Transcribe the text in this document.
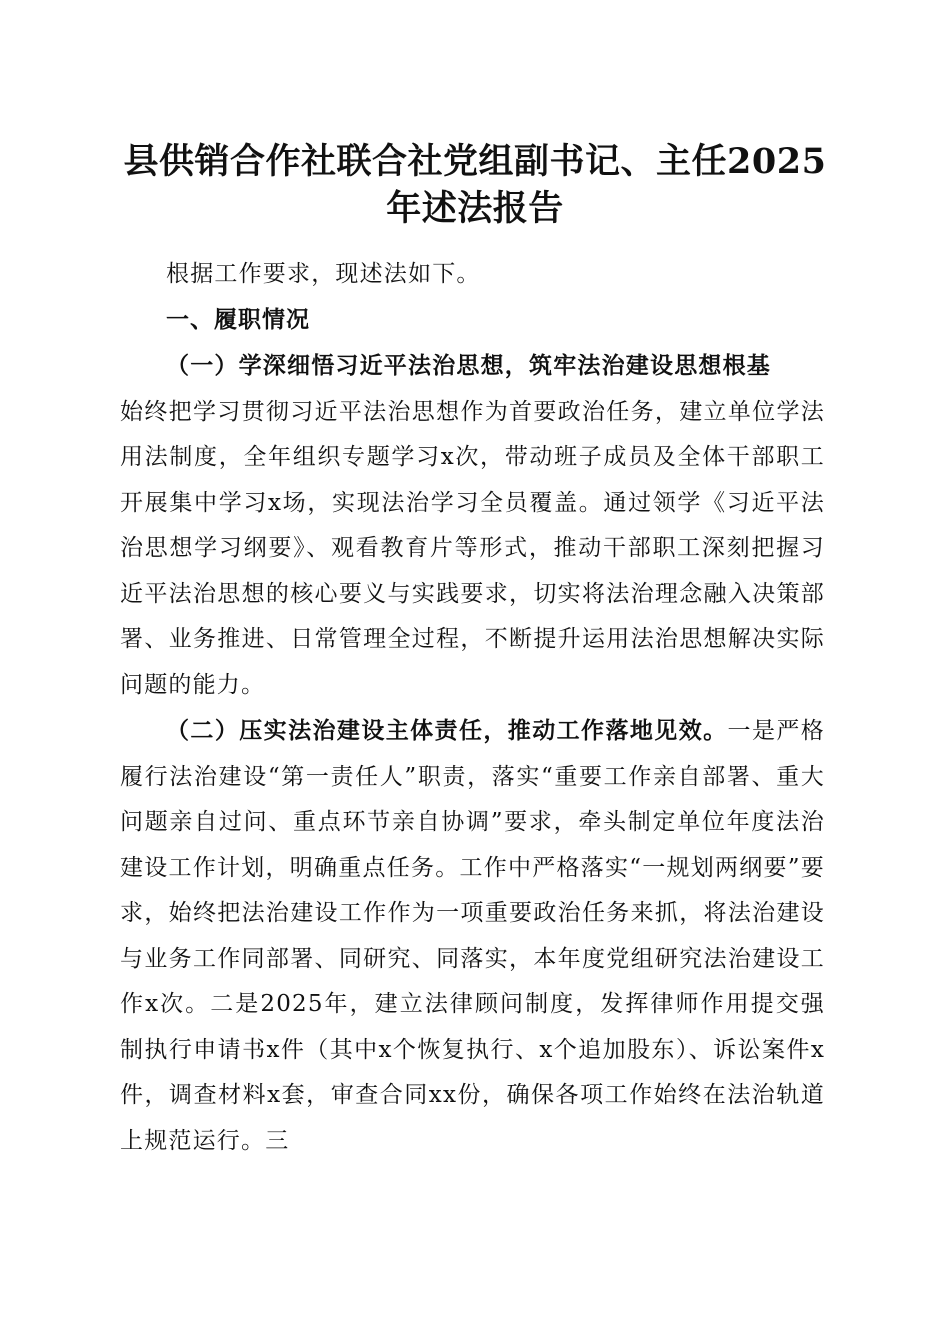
县供销合作社联合社党组副书记、主任2025
年述法报告

根据工作要求，现述法如下。

一、履职情况

（一）学深细悟习近平法治思想，筑牢法治建设思想根基

始终把学习贯彻习近平法治思想作为首要政治任务，建立单位学法用法制度，全年组织专题学习x次，带动班子成员及全体干部职工开展集中学习x场，实现法治学习全员覆盖。通过领学《习近平法治思想学习纲要》、观看教育片等形式，推动干部职工深刻把握习近平法治思想的核心要义与实践要求，切实将法治理念融入决策部署、业务推进、日常管理全过程，不断提升运用法治思想解决实际问题的能力。

（二）压实法治建设主体责任，推动工作落地见效。一是严格履行法治建设“第一责任人”职责，落实“重要工作亲自部署、重大问题亲自过问、重点环节亲自协调”要求，牵头制定单位年度法治建设工作计划，明确重点任务。工作中严格落实“一规划两纲要”要求，始终把法治建设工作作为一项重要政治任务来抓，将法治建设与业务工作同部署、同研究、同落实，本年度党组研究法治建设工作x次。二是2025年，建立法律顾问制度，发挥律师作用提交强制执行申请书x件（其中x个恢复执行、x个追加股东）、诉讼案件x件，调查材料x套，审查合同xx份，确保各项工作始终在法治轨道上规范运行。三
